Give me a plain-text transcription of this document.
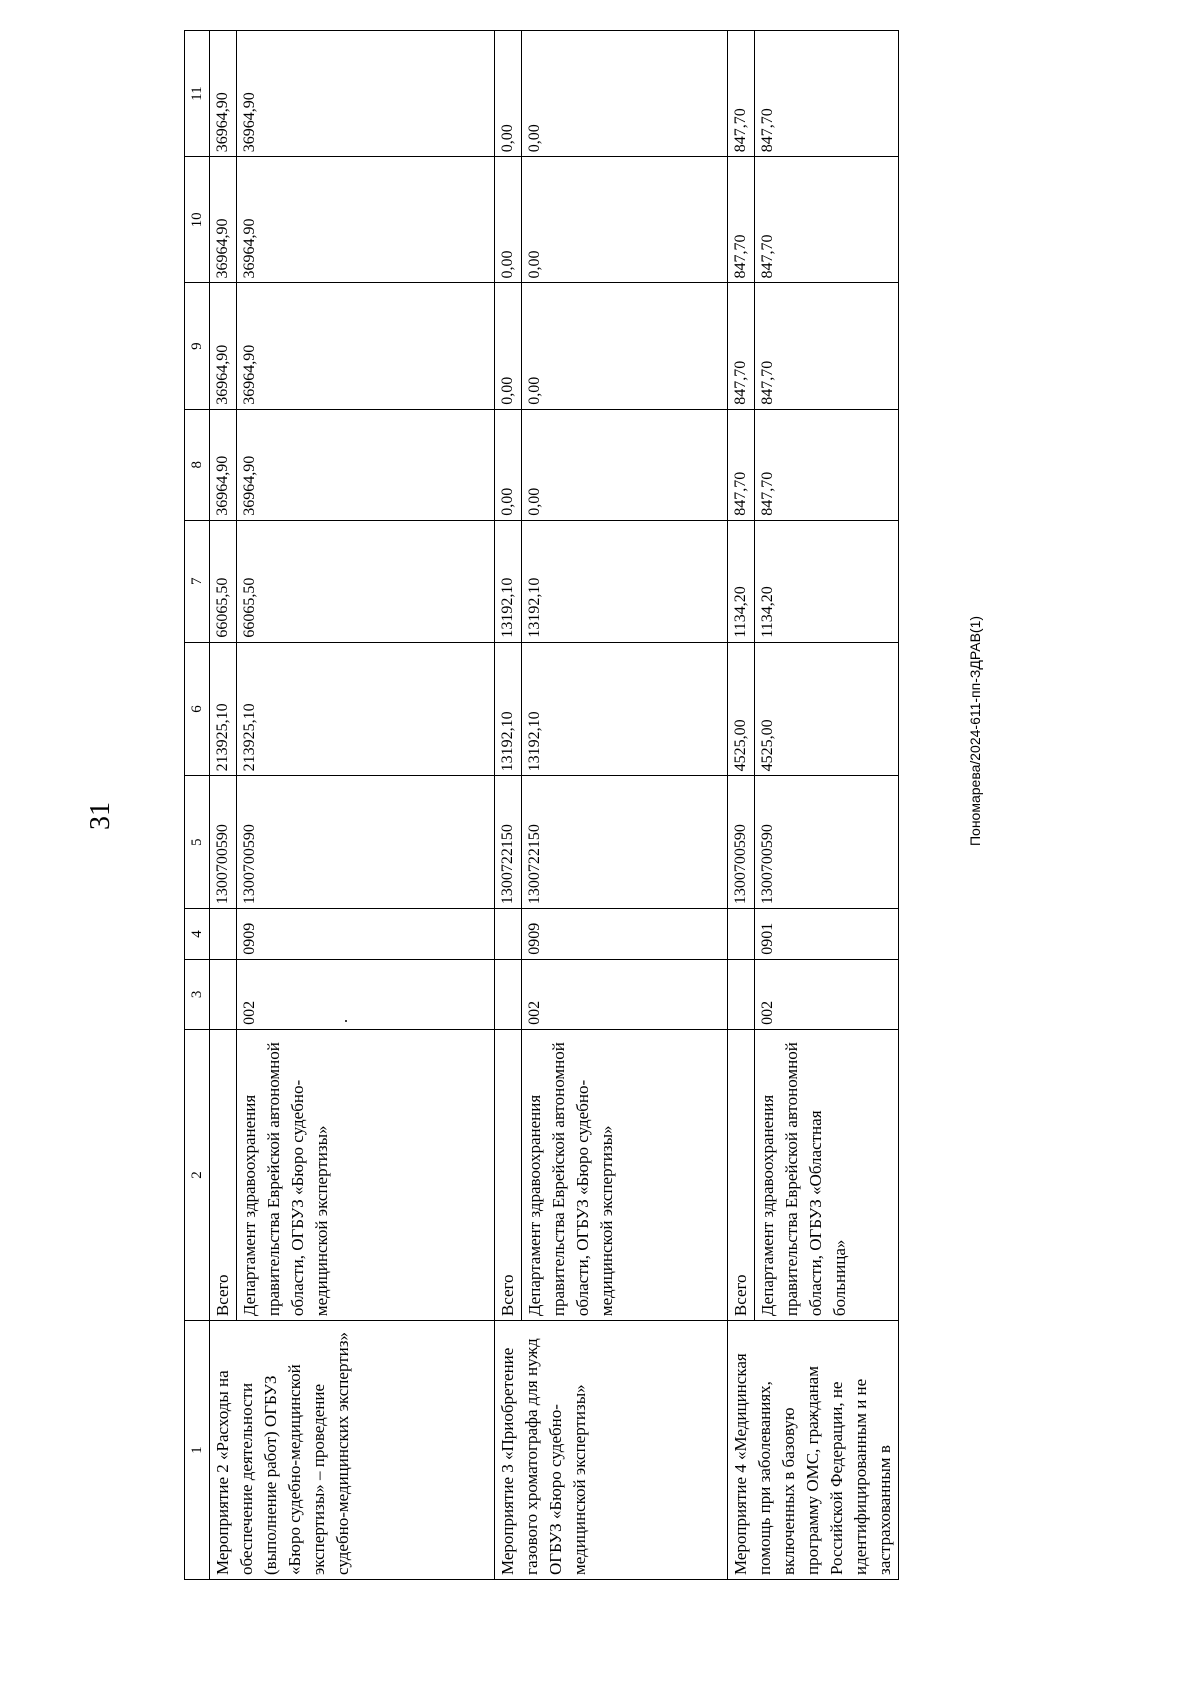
31	Пономарева/2024-611-пп-ЗДРАВ(1)
1	2	3	4	5	6	7	8	9	10	11
Мероприятие 2 «Расходы на обеспечение деятельности (выполнение работ) ОГБУЗ «Бюро судебно-медицинской экспертизы» – проведение судебно-медицинских экспертиз»	Всего			1300700590	213925,10	66065,50	36964,90	36964,90	36964,90	36964,90
	Департамент здравоохранения правительства Еврейской автономной области, ОГБУЗ «Бюро судебно-медицинской экспертизы»	002	0909	1300700590	213925,10	66065,50	36964,90	36964,90	36964,90	36964,90
Мероприятие 3 «Приобретение газового хроматографа для нужд ОГБУЗ «Бюро судебно-медицинской экспертизы»	Всего			1300722150	13192,10	13192,10	0,00	0,00	0,00	0,00
	Департамент здравоохранения правительства Еврейской автономной области, ОГБУЗ «Бюро судебно-медицинской экспертизы»	002	0909	1300722150	13192,10	13192,10	0,00	0,00	0,00	0,00
Мероприятие 4 «Медицинская помощь при заболеваниях, включенных в базовую программу ОМС, гражданам Российской Федерации, не идентифицированным и не застрахованным в	Всего			1300700590	4525,00	1134,20	847,70	847,70	847,70	847,70
	Департамент здравоохранения правительства Еврейской автономной области, ОГБУЗ «Областная больница»	002	0901	1300700590	4525,00	1134,20	847,70	847,70	847,70	847,70
